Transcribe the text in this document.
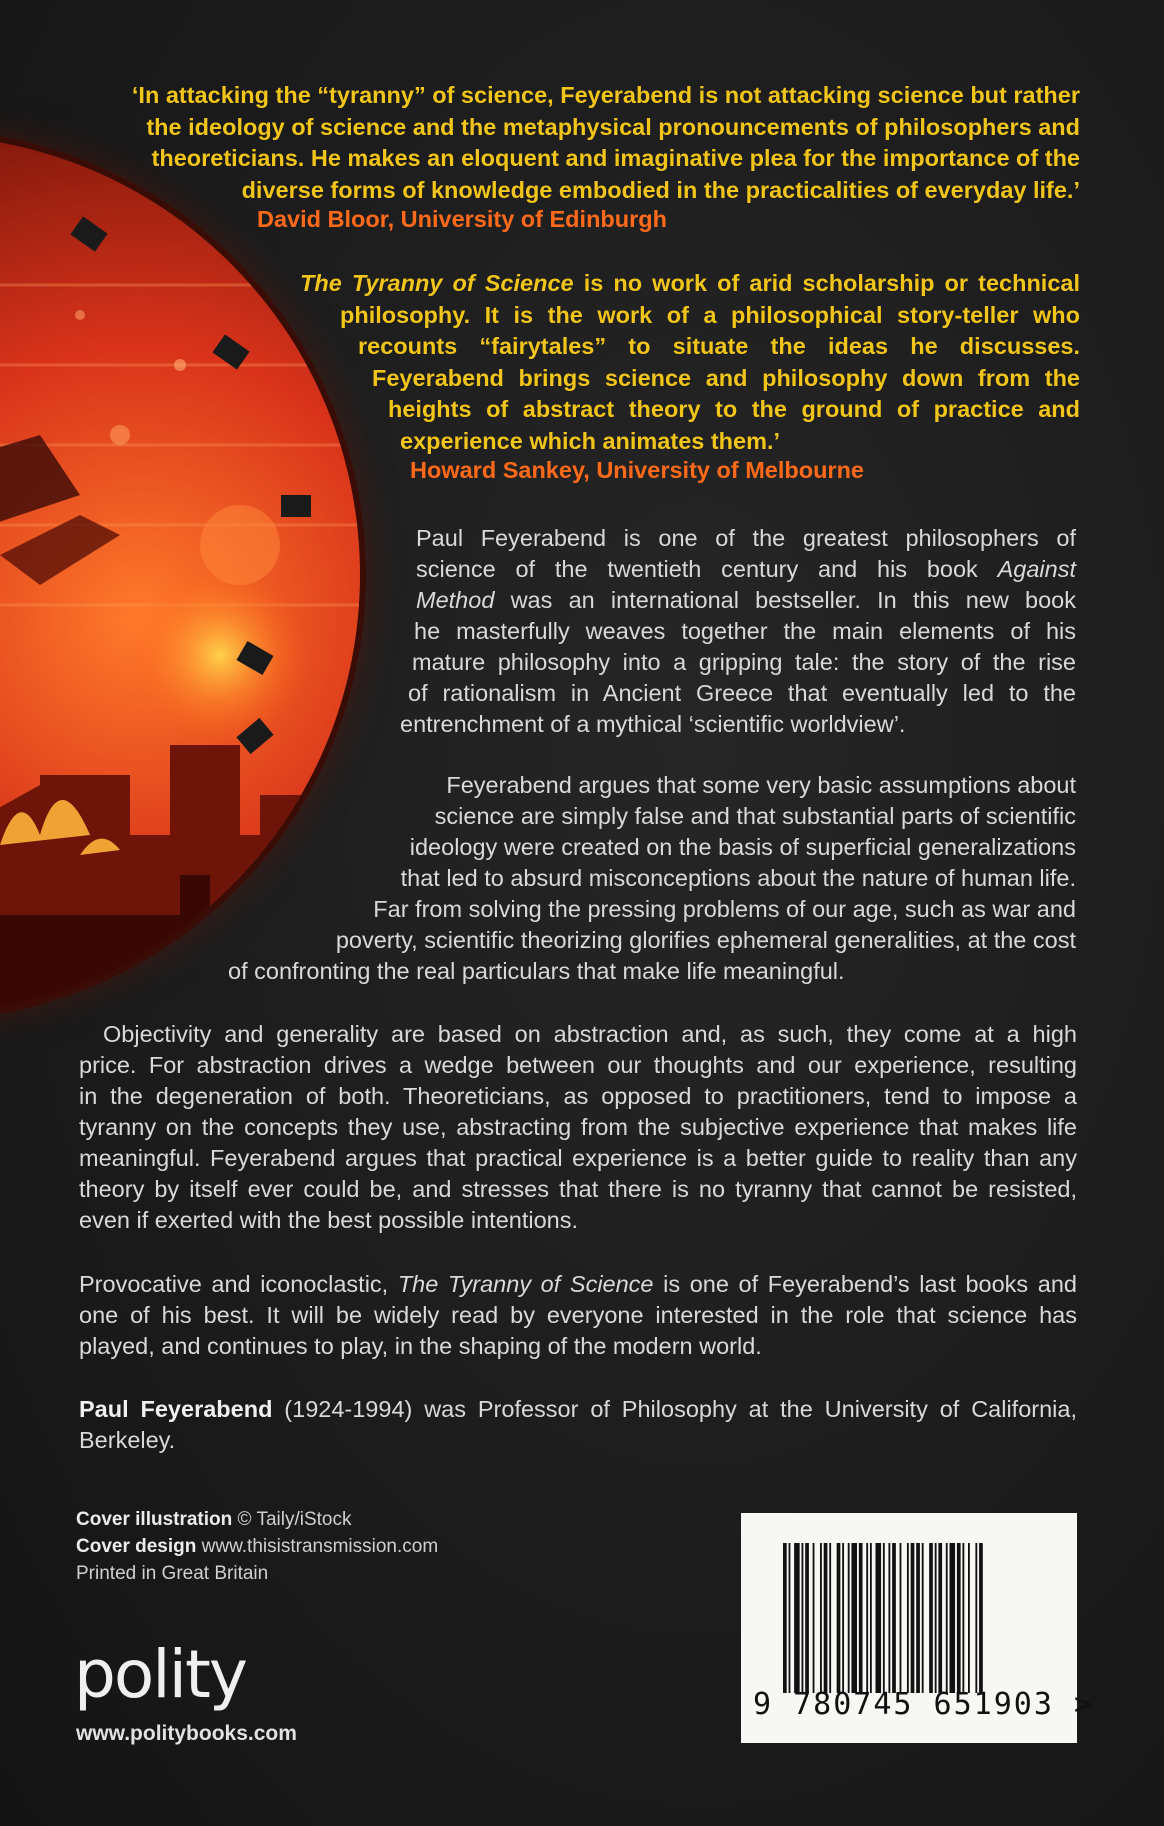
‘In attacking the “tyranny” of science, Feyerabend is not attacking science but rather
the ideology of science and the metaphysical pronouncements of philosophers and
theoreticians. He makes an eloquent and imaginative plea for the importance of the
diverse forms of knowledge embodied in the practicalities of everyday life.’
David Bloor, University of Edinburgh
The Tyranny of Science is no work of arid scholarship or technical
philosophy. It is the work of a philosophical story-teller who
recounts “fairytales” to situate the ideas he discusses.
Feyerabend brings science and philosophy down from the
heights of abstract theory to the ground of practice and
experience which animates them.’
Howard Sankey, University of Melbourne

Paul Feyerabend is one of the greatest philosophers of

science of the twentieth century and his book Against

Method was an international bestseller. In this new book

he masterfully weaves together the main elements of his

mature philosophy into a gripping tale: the story of the rise

of rationalism in Ancient Greece that eventually led to the

entrenchment of a mythical ‘scientific worldview’.

Feyerabend argues that some very basic assumptions about

science are simply false and that substantial parts of scientific

ideology were created on the basis of superficial generalizations

that led to absurd misconceptions about the nature of human life.

Far from solving the pressing problems of our age, such as war and

poverty, scientific theorizing glorifies ephemeral generalities, at the cost

of confronting the real particulars that make life meaningful.

Objectivity and generality are based on abstraction and, as such, they come at a high

price. For abstraction drives a wedge between our thoughts and our experience, resulting

in the degeneration of both. Theoreticians, as opposed to practitioners, tend to impose a

tyranny on the concepts they use, abstracting from the subjective experience that makes life

meaningful. Feyerabend argues that practical experience is a better guide to reality than any

theory by itself ever could be, and stresses that there is no tyranny that cannot be resisted,

even if exerted with the best possible intentions.

Provocative and iconoclastic, The Tyranny of Science is one of Feyerabend’s last books and

one of his best. It will be widely read by everyone interested in the role that science has

played, and continues to play, in the shaping of the modern world.

Paul Feyerabend (1924-1994) was Professor of Philosophy at the University of California,

Berkeley.

Cover illustration © Taily/iStock
Cover design www.thisistransmission.com
Printed in Great Britain
polity
www.politybooks.com
9 780745 651903 >
